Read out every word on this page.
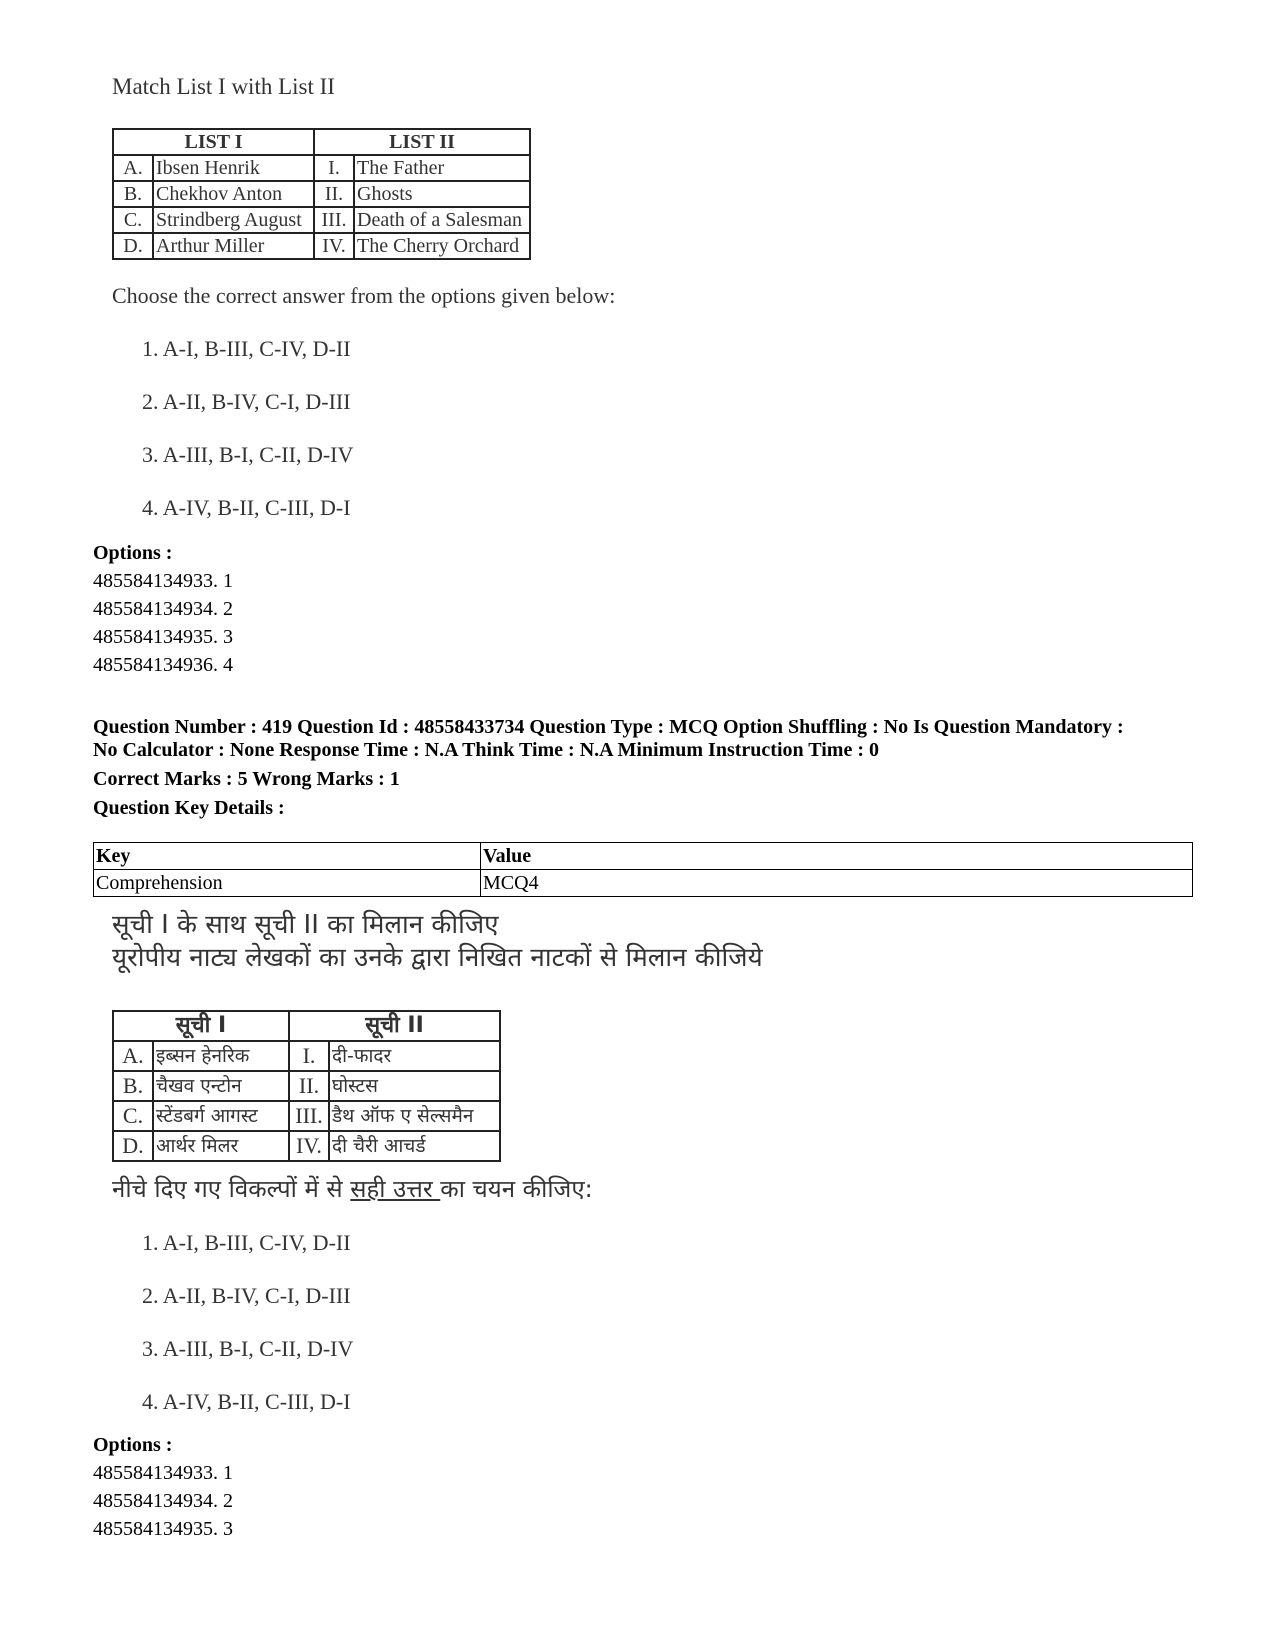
Match List I with List II
LIST I		LIST II	
A.	Ibsen Henrik	I.	The Father
B.	Chekhov Anton	II.	Ghosts
C.	Strindberg August	III.	Death of a Salesman
D.	Arthur Miller	IV.	The Cherry Orchard
Choose the correct answer from the options given below:
1. A-I, B-III, C-IV, D-II
2. A-II, B-IV, C-I, D-III
3. A-III, B-I, C-II, D-IV
4. A-IV, B-II, C-III, D-I
Options :
485584134933. 1
485584134934. 2
485584134935. 3
485584134936. 4
Question Number : 419 Question Id : 48558433734 Question Type : MCQ Option Shuffling : No Is Question Mandatory :
No Calculator : None Response Time : N.A Think Time : N.A Minimum Instruction Time : 0
Correct Marks : 5 Wrong Marks : 1
Question Key Details :
Key	Value
Comprehension	MCQ4
सूची I के साथ सूची II का मिलान कीजिए
यूरोपीय नाट्य लेखकों का उनके द्वारा निखित नाटकों से मिलान कीजिये
सूची I		सूची II	
A.	इब्सन हेनरिक	I.	दी-फादर
B.	चैखव एन्टोन	II.	घोस्टस
C.	स्टेंडबर्ग आगस्ट	III.	डैथ ऑफ ए सेल्समैन
D.	आर्थर मिलर	IV.	दी चैरी आचर्ड
नीचे दिए गए विकल्पों में से सही उत्तर का चयन कीजिए:
1. A-I, B-III, C-IV, D-II
2. A-II, B-IV, C-I, D-III
3. A-III, B-I, C-II, D-IV
4. A-IV, B-II, C-III, D-I
Options :
485584134933. 1
485584134934. 2
485584134935. 3
